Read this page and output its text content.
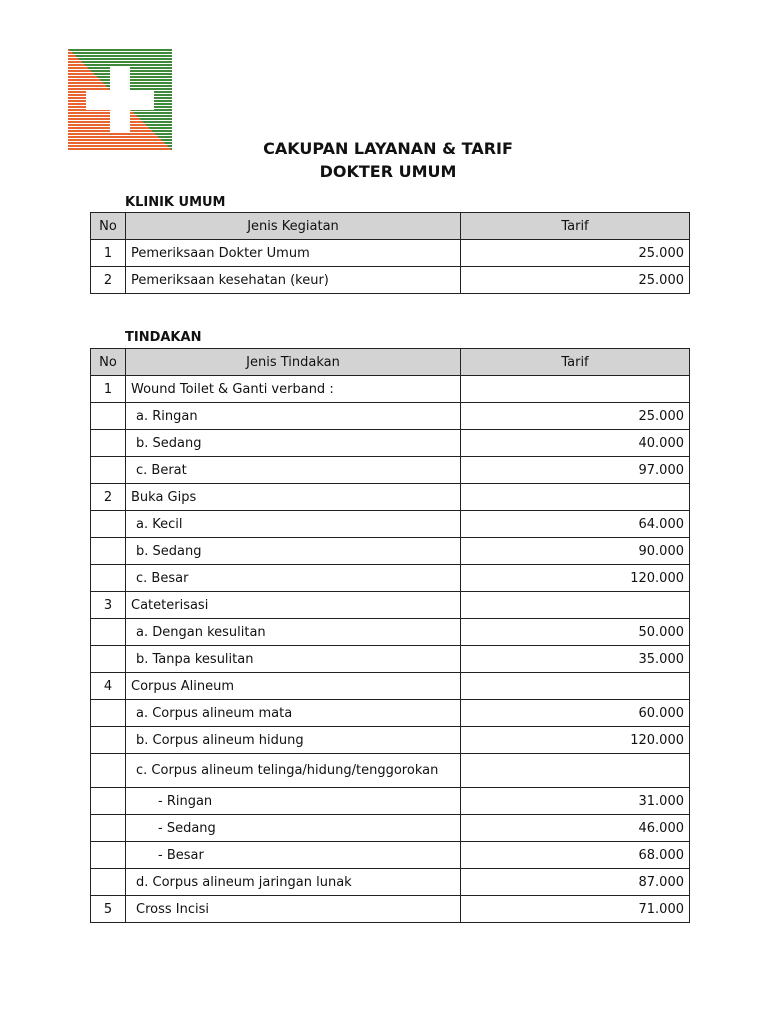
CAKUPAN LAYANAN & TARIF
DOKTER UMUM
KLINIK UMUM
No	Jenis Kegiatan	Tarif
1	Pemeriksaan Dokter Umum	25.000
2	Pemeriksaan kesehatan (keur)	25.000
TINDAKAN
No	Jenis Tindakan	Tarif
1	Wound Toilet & Ganti verband :	
	a. Ringan	25.000
	b. Sedang	40.000
	c. Berat	97.000
2	Buka Gips	
	a. Kecil	64.000
	b. Sedang	90.000
	c. Besar	120.000
3	Cateterisasi	
	a. Dengan kesulitan	50.000
	b. Tanpa kesulitan	35.000
4	Corpus Alineum	
	a. Corpus alineum mata	60.000
	b. Corpus alineum hidung	120.000
	c. Corpus alineum telinga/hidung/tenggorokan	
	- Ringan	31.000
	- Sedang	46.000
	- Besar	68.000
	d. Corpus alineum jaringan lunak	87.000
5	Cross Incisi	71.000
